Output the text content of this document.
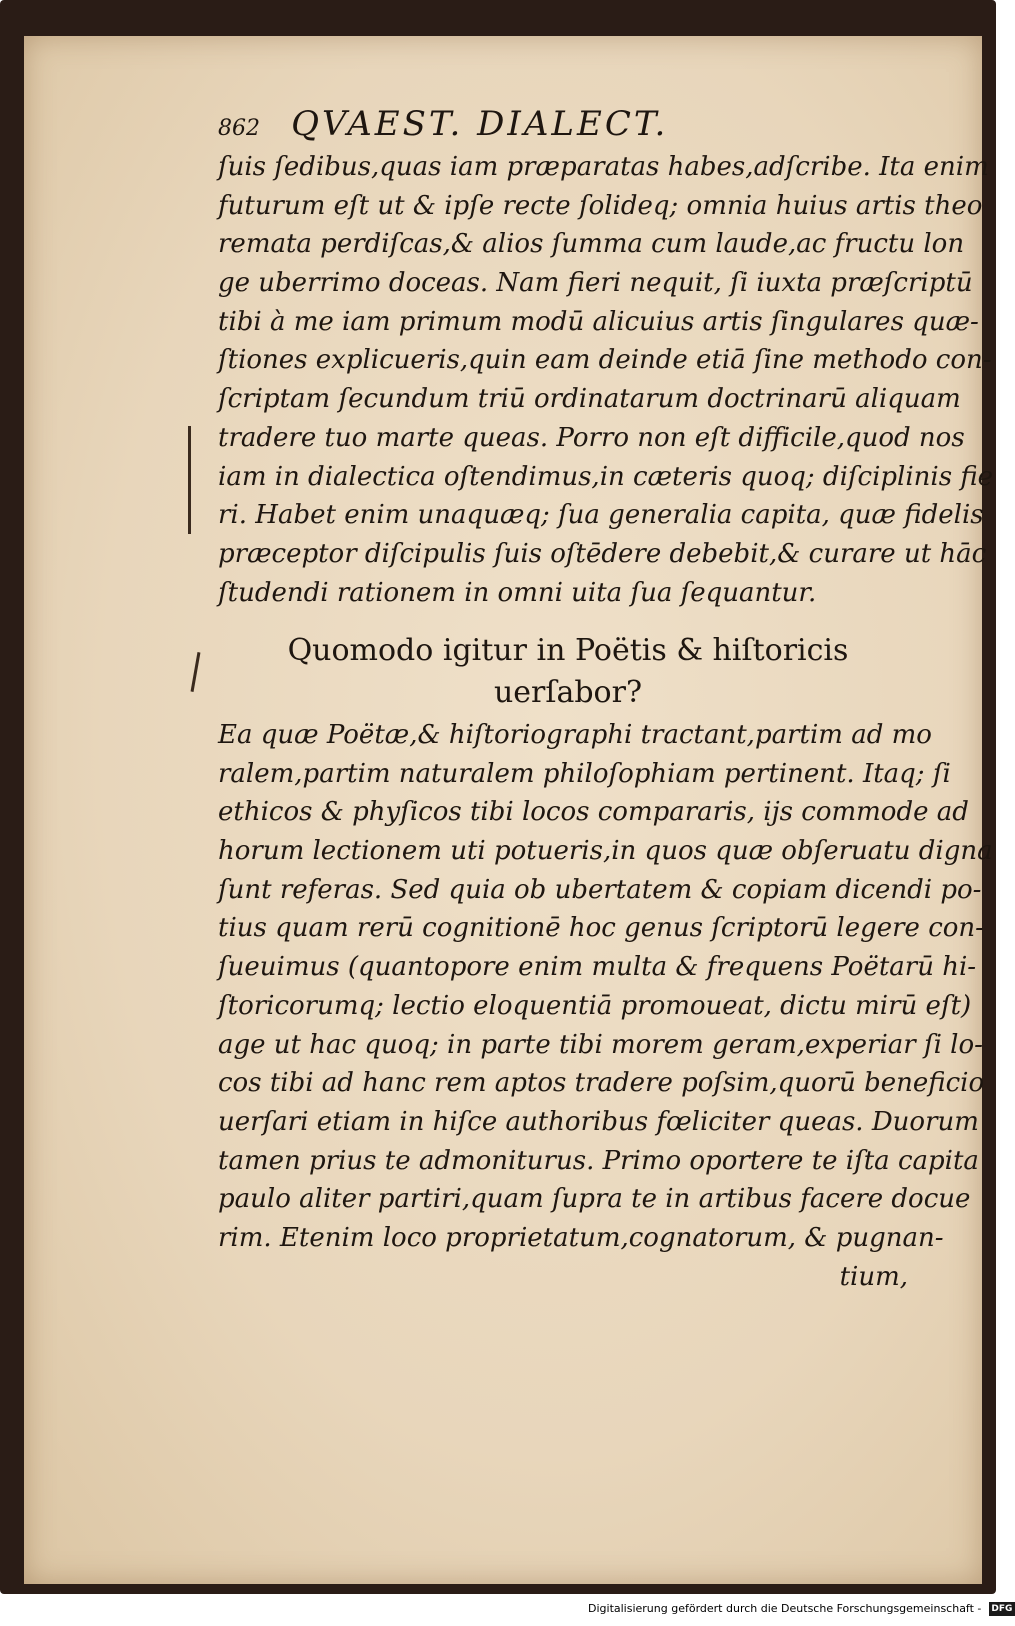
862 QVAEST. DIALECT.
ſuis ſedibus,quas iam præparatas habes,adſcribe. Ita enim
futurum eſt ut & ipſe recte ſolideq; omnia huius artis theo
remata perdiſcas,& alios ſumma cum laude,ac fructu lon
ge uberrimo doceas. Nam fieri nequit, ſi iuxta præſcriptū
tibi à me iam primum modū alicuius artis ſingulares quæ-
ſtiones explicueris,quin eam deinde etiā ſine methodo con-
ſcriptam ſecundum triū ordinatarum doctrinarū aliquam
tradere tuo marte queas. Porro non eſt difficile,quod nos
iam in dialectica oſtendimus,in cæteris quoq; diſciplinis fie
ri. Habet enim unaquæq; ſua generalia capita, quæ fidelis
præceptor diſcipulis ſuis oſtēdere debebit,& curare ut hāc
ſtudendi rationem in omni uita ſua ſequantur.
Quomodo igitur in Poëtis & hiſtoricis
uerſabor?
Ea quæ Poëtæ,& hiſtoriographi tractant,partim ad mo
ralem,partim naturalem philoſophiam pertinent. Itaq; ſi
ethicos & phyſicos tibi locos compararis, ijs commode ad
horum lectionem uti potueris,in quos quæ obſeruatu digna
ſunt referas. Sed quia ob ubertatem & copiam dicendi po-
tius quam rerū cognitionē hoc genus ſcriptorū legere con-
ſueuimus (quantopore enim multa & frequens Poëtarū hi-
ſtoricorumq; lectio eloquentiā promoueat, dictu mirū eſt)
age ut hac quoq; in parte tibi morem geram,experiar ſi lo-
cos tibi ad hanc rem aptos tradere poſsim,quorū beneficio
uerſari etiam in hiſce authoribus fœliciter queas. Duorum
tamen prius te admoniturus. Primo oportere te iſta capita
paulo aliter partiri,quam ſupra te in artibus facere docue
rim. Etenim loco proprietatum,cognatorum, & pugnan-
tium,
Digitalisierung gefördert durch die Deutsche Forschungsgemeinschaft - DFG
